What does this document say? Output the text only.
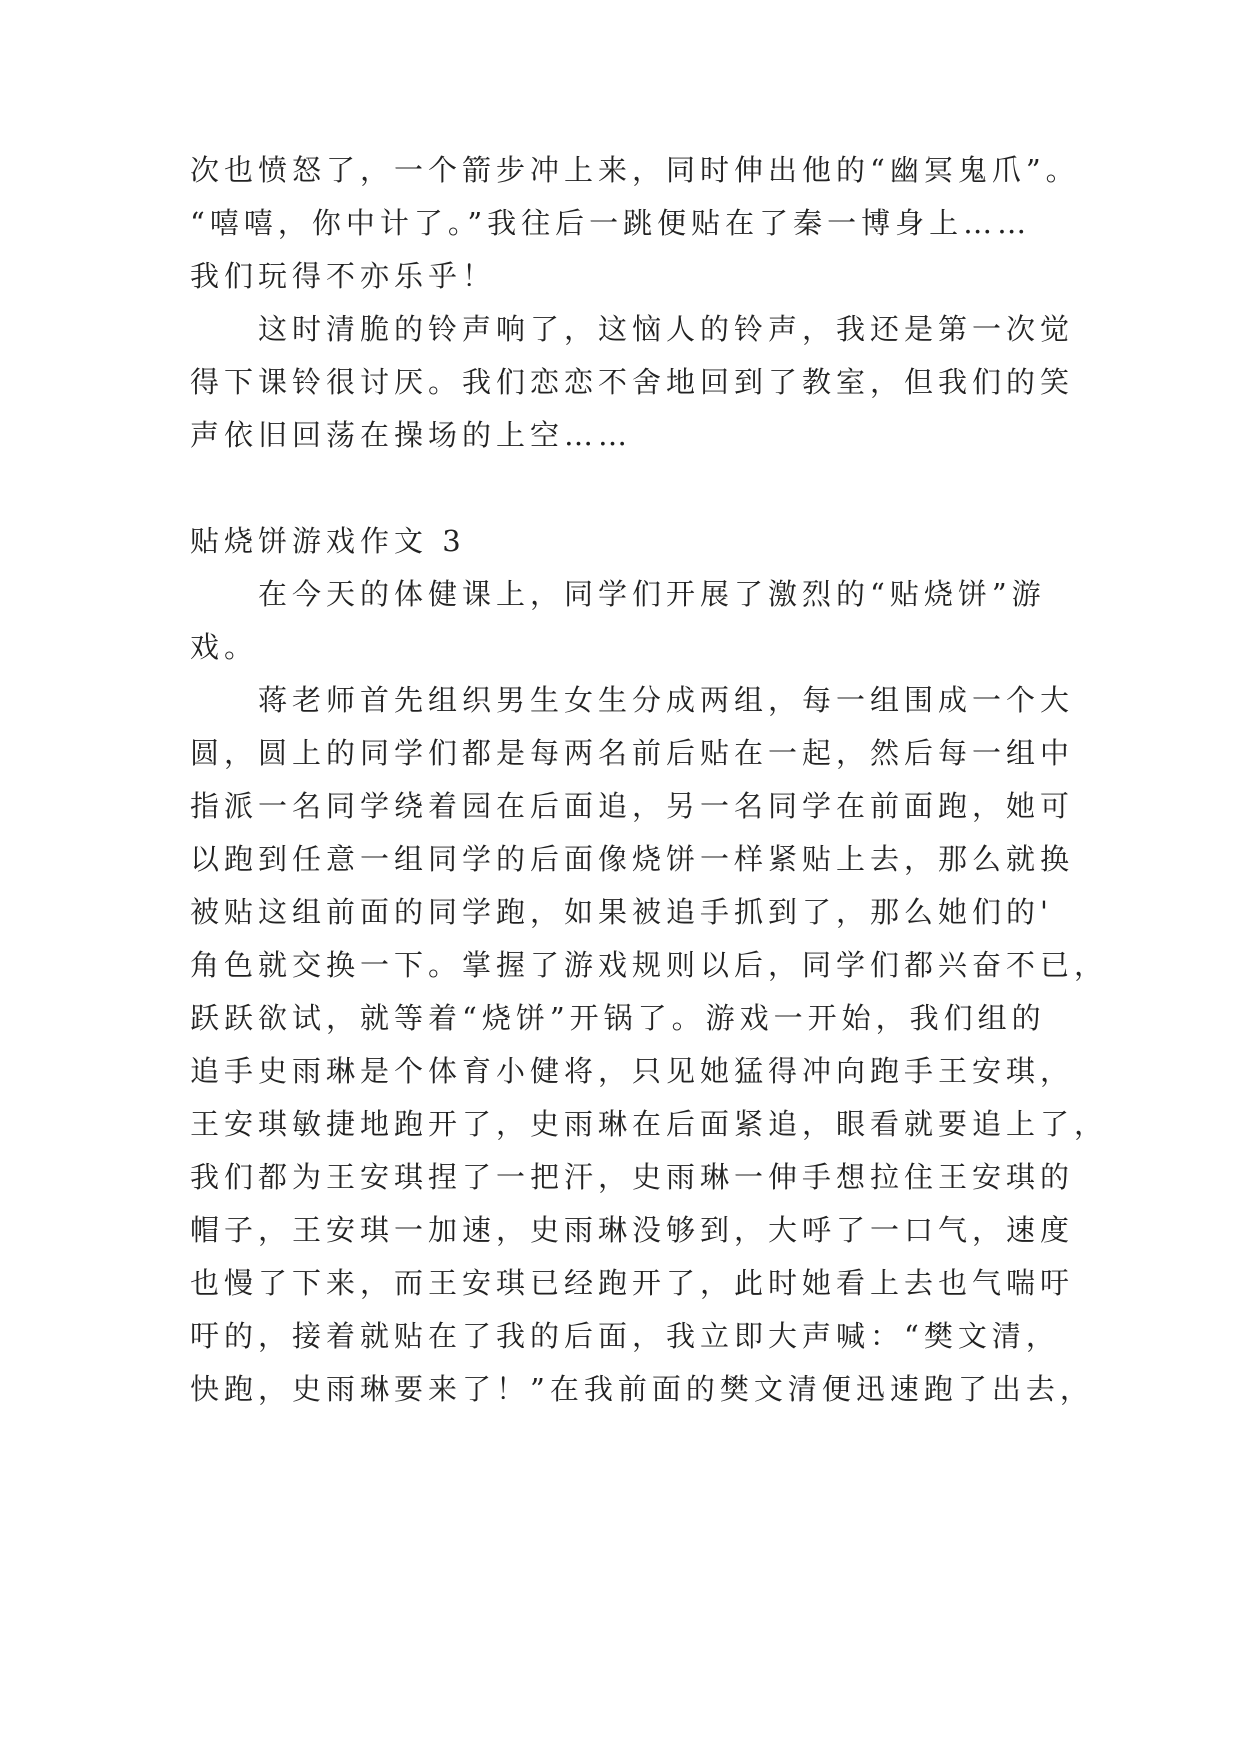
次也愤怒了，一个箭步冲上来，同时伸出他的“幽冥鬼爪”。
“嘻嘻，你中计了。”我往后一跳便贴在了秦一博身上……
我们玩得不亦乐乎！
这时清脆的铃声响了，这恼人的铃声，我还是第一次觉
得下课铃很讨厌。我们恋恋不舍地回到了教室，但我们的笑
声依旧回荡在操场的上空……
贴烧饼游戏作文 3
在今天的体健课上，同学们开展了激烈的“贴烧饼”游
戏。
蒋老师首先组织男生女生分成两组，每一组围成一个大
圆，圆上的同学们都是每两名前后贴在一起，然后每一组中
指派一名同学绕着园在后面追，另一名同学在前面跑，她可
以跑到任意一组同学的后面像烧饼一样紧贴上去，那么就换
被贴这组前面的同学跑，如果被追手抓到了，那么她们的'
角色就交换一下。掌握了游戏规则以后，同学们都兴奋不已，
跃跃欲试，就等着“烧饼”开锅了。游戏一开始，我们组的
追手史雨琳是个体育小健将，只见她猛得冲向跑手王安琪，
王安琪敏捷地跑开了，史雨琳在后面紧追，眼看就要追上了，
我们都为王安琪捏了一把汗，史雨琳一伸手想拉住王安琪的
帽子，王安琪一加速，史雨琳没够到，大呼了一口气，速度
也慢了下来，而王安琪已经跑开了，此时她看上去也气喘吁
吁的，接着就贴在了我的后面，我立即大声喊：“樊文清，
快跑，史雨琳要来了！”在我前面的樊文清便迅速跑了出去，
